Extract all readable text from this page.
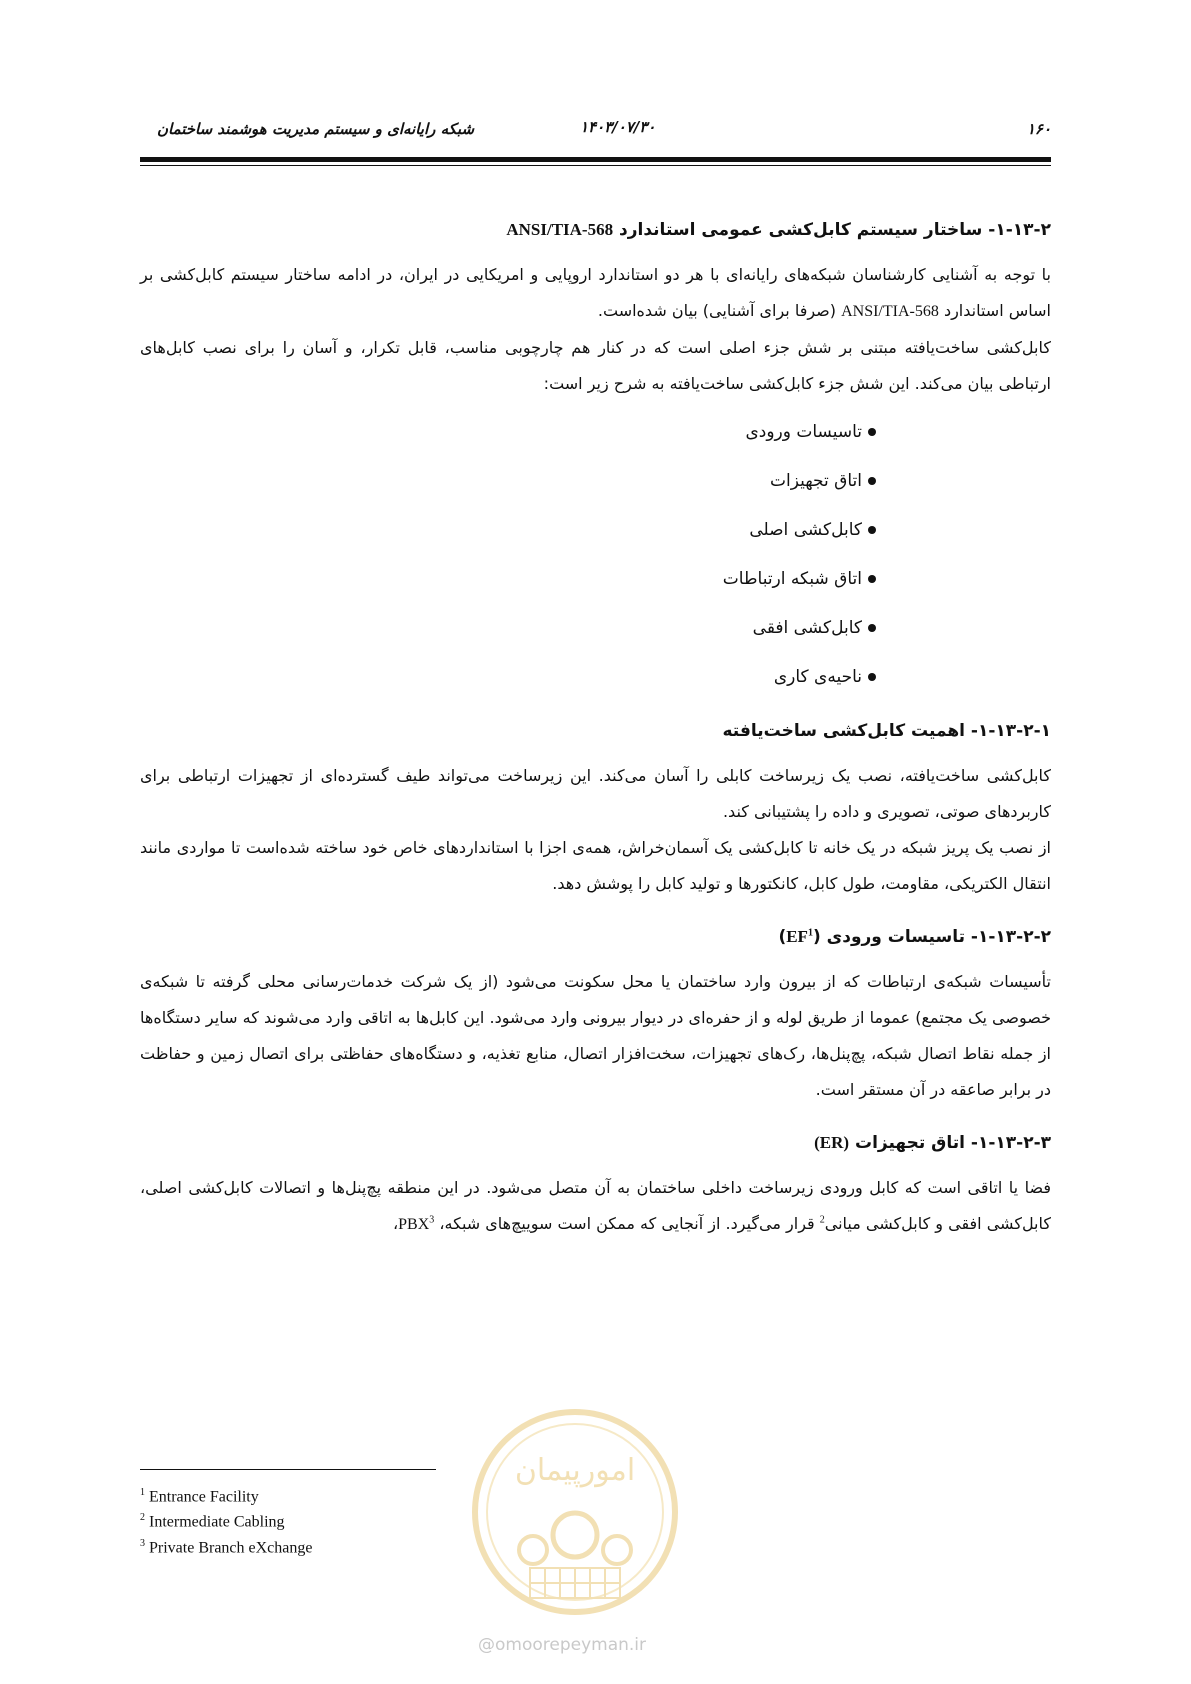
۱۶۰
۱۴۰۳/۰۷/۳۰
شبکه رایانه‌ای و سیستم مدیریت هوشمند ساختمان
۱-۱۳-۲- ساختار سیستم کابل‌کشی عمومی استاندارد ANSI/TIA-568

با توجه به آشنایی کارشناسان شبکه‌های رایانه‌ای با هر دو استاندارد اروپایی و امریکایی در ایران، در ادامه ساختار سیستم کابل‌کشی بر اساس استاندارد ANSI/TIA-568 (صرفا برای آشنایی) بیان شده‌است.

کابل‌کشی ساخت‌یافته مبتنی بر شش جزء اصلی است که در کنار هم چارچوبی مناسب، قابل تکرار، و آسان را برای نصب کابل‌های ارتباطی بیان می‌کند. این شش جزء کابل‌کشی ساخت‌یافته به شرح زیر است:

تاسیسات ورودی
اتاق تجهیزات
کابل‌کشی اصلی
اتاق شبکه ارتباطات
کابل‌کشی افقی
ناحیه‌ی کاری
۱-۱۳-۲-۱- اهمیت کابل‌کشی ساخت‌یافته

کابل‌کشی ساخت‌یافته، نصب یک زیرساخت کابلی را آسان می‌کند. این زیرساخت می‌تواند طیف گسترده‌ای از تجهیزات ارتباطی برای کاربردهای صوتی، تصویری و داده را پشتیبانی کند.

از نصب یک پریز شبکه در یک خانه تا کابل‌کشی یک آسمان‌خراش، همه‌ی اجزا با استانداردهای خاص خود ساخته شده‌است تا مواردی مانند انتقال الکتریکی، مقاومت، طول کابل، کانکتورها و تولید کابل را پوشش دهد.

۱-۱۳-۲-۲- تاسیسات ورودی (EF$^1$)

تأسیسات شبکه‌ی ارتباطات که از بیرون وارد ساختمان یا محل سکونت می‌شود (از یک شرکت خدمات‌رسانی محلی گرفته تا شبکه‌ی خصوصی یک مجتمع) عموما از طریق لوله و از حفره‌ای در دیوار بیرونی وارد می‌شود. این کابل‌ها به اتاقی وارد می‌شوند که سایر دستگاه‌ها از جمله نقاط اتصال شبکه، پچ‌پنل‌ها، رک‌های تجهیزات، سخت‌افزار اتصال، منابع تغذیه، و دستگاه‌های حفاظتی برای اتصال زمین و حفاظت در برابر صاعقه در آن مستقر است.

۱-۱۳-۲-۳- اتاق تجهیزات (ER)

فضا یا اتاقی است که کابل ورودی زیرساخت داخلی ساختمان به آن متصل می‌شود. در این منطقه پچ‌پنل‌ها و اتصالات کابل‌کشی اصلی، کابل‌کشی افقی و کابل‌کشی میانی$^2$ قرار می‌گیرد. از آنجایی که ممکن است سوییچ‌های شبکه، PBX$^3$،

$^1$ Entrance Facility
$^2$ Intermediate Cabling
$^3$ Private Branch eXchange
امورپیمان
@omoorepeyman.ir
